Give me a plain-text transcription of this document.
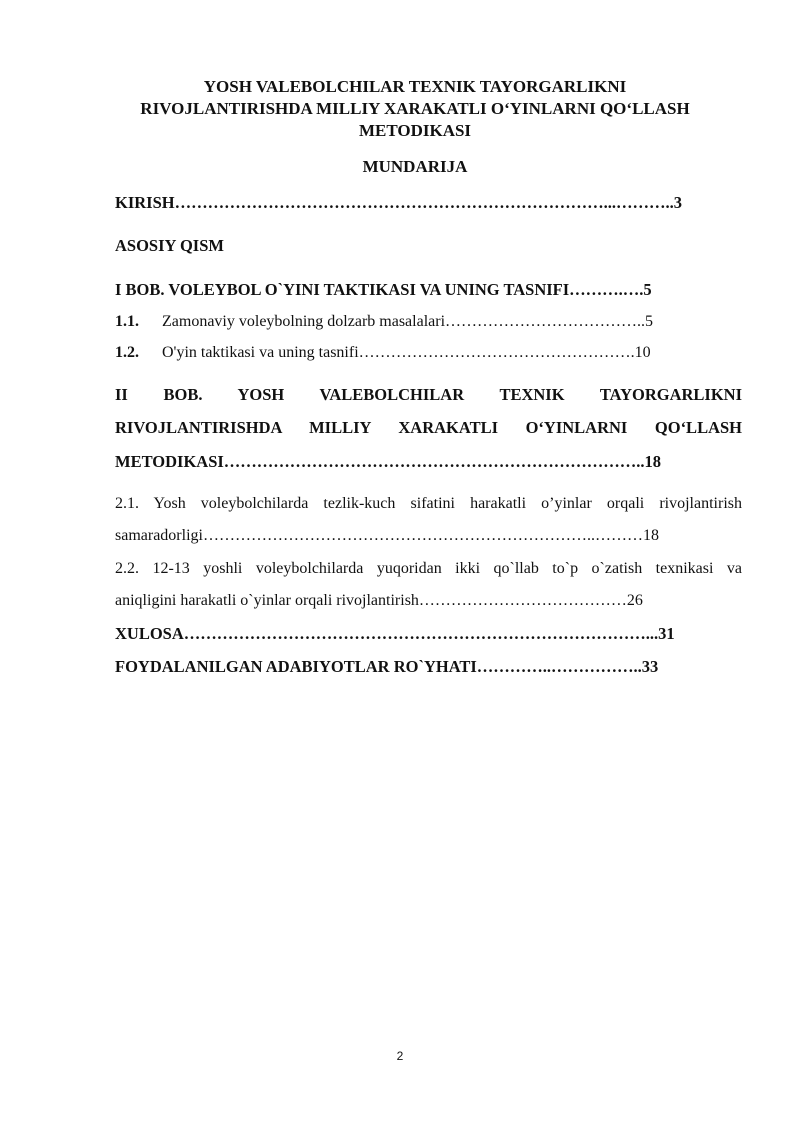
YOSH VALEBOLCHILAR TEXNIK TAYORGARLIKNI
RIVOJLANTIRISHDA MILLIY XARAKATLI O‘YINLARNI QO‘LLASH
METODIKASI
MUNDARIJA
KIRISH……………………………………………………………………...………..3
ASOSIY QISM
I BOB. VOLEYBOL O`YINI TAKTIKASI VA UNING TASNIFI……….….5
1.1. Zamonaviy voleybolning dolzarb masalalari………………………………..5
1.2. O'yin taktikasi va uning tasnifi…………………………………………….10
II BOB. YOSH VALEBOLCHILAR TEXNIK TAYORGARLIKNI
RIVOJLANTIRISHDA MILLIY XARAKATLI O‘YINLARNI QO‘LLASH
METODIKASI…………………………………………………………………..18
2.1. Yosh voleybolchilarda tezlik-kuch sifatini harakatli o’yinlar orqali rivojlantirish
samaradorligi………………………………………………………………..………18
2.2. 12-13 yoshli voleybolchilarda yuqoridan ikki qo`llab to`p o`zatish texnikasi va
aniqligini harakatli o`yinlar orqali rivojlantirish…………………………………26
XULOSA…………………………………………………………………………...31
FOYDALANILGAN ADABIYOTLAR RO`YHATI…………..……………..33
2
